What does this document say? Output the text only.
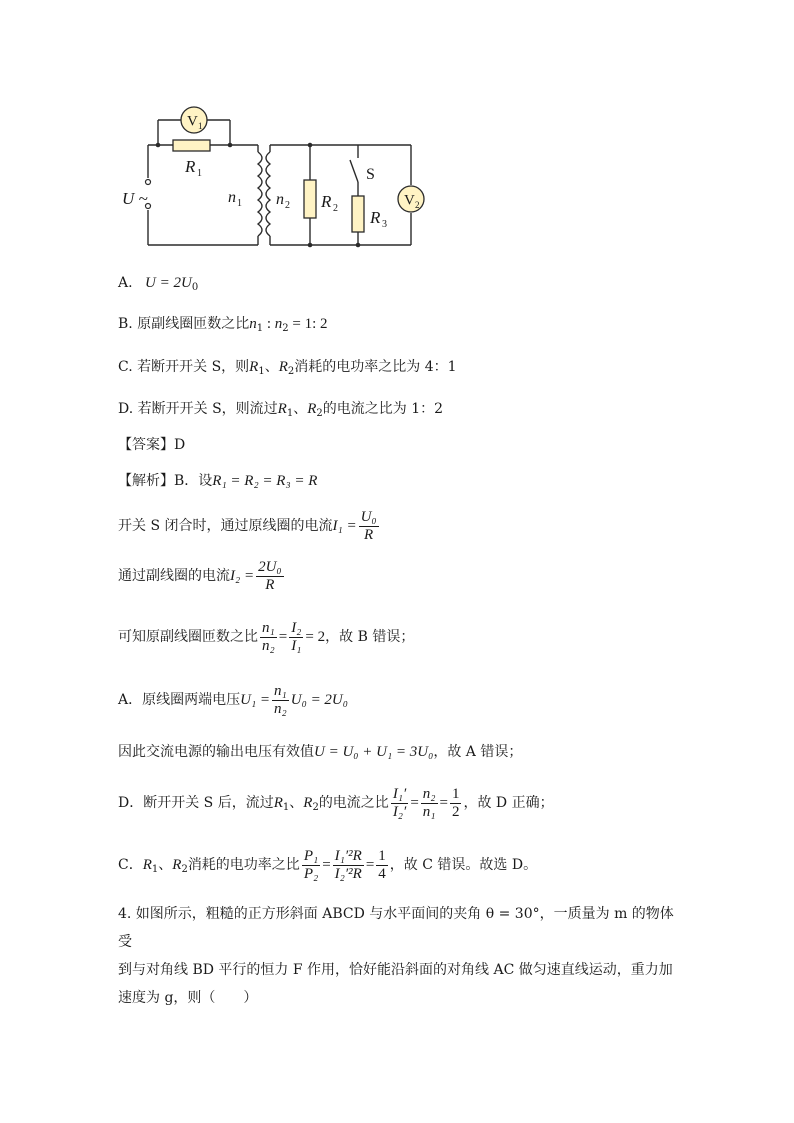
V 1
V 2
R 1
R 2 R 3
n 1 n 2
U ~
S
A. $U = 2U_0$
B. 原副线圈匝数之比$n_1$ : $n_2 = 1$: 2
C. 若断开开关 S，则$R_1$、$R_2$消耗的电功率之比为 4：1
D. 若断开开关 S，则流过$R_1$、$R_2$的电流之比为 1：2
【答案】D
【解析】B．设R₁ = R₂ = R₃ = R
开关 S 闭合时，通过原线圈的电流$I_1 = \frac{\text{U₀}}{R}$
通过副线圈的电流$I_2 = \frac{\text{2U₀}}{R}$
可知原副线圈匝数之比 $\frac{\text{n₁}}{\text{n₂}} = \frac{\text{I₂}}{\text{I₁}} = 2$，故 B 错误；
A．原线圈两端电压$U_1 = \frac{\text{n₁}}{\text{n₂}} U_0 = 2U_0$
因此交流电源的输出电压有效值U = U₀ + U₁ = 3U₀，故 A 错误；
D．断开开关 S 后，流过$R_1$、$R_2$的电流之比 $\frac{\text{I₁′}}{\text{I₂′}} = \frac{\text{n₂}}{\text{n₁}} = \frac{1}{2}$ ，故 D 正确；
C．$R_1$、$R_2$消耗的电功率之比 $\frac{\text{P₁}}{\text{P₂}} = \frac{\text{I₁′²R}}{\text{I₂′²R}} = \frac{1}{4}$ ，故 C 错误。故选 D。
4. 如图所示，粗糙的正方形斜面 ABCD 与水平面间的夹角 θ = 30°，一质量为 m 的物体受
到与对角线 BD 平行的恒力 F 作用，恰好能沿斜面的对角线 AC 做匀速直线运动，重力加
速度为 g，则（　　）
